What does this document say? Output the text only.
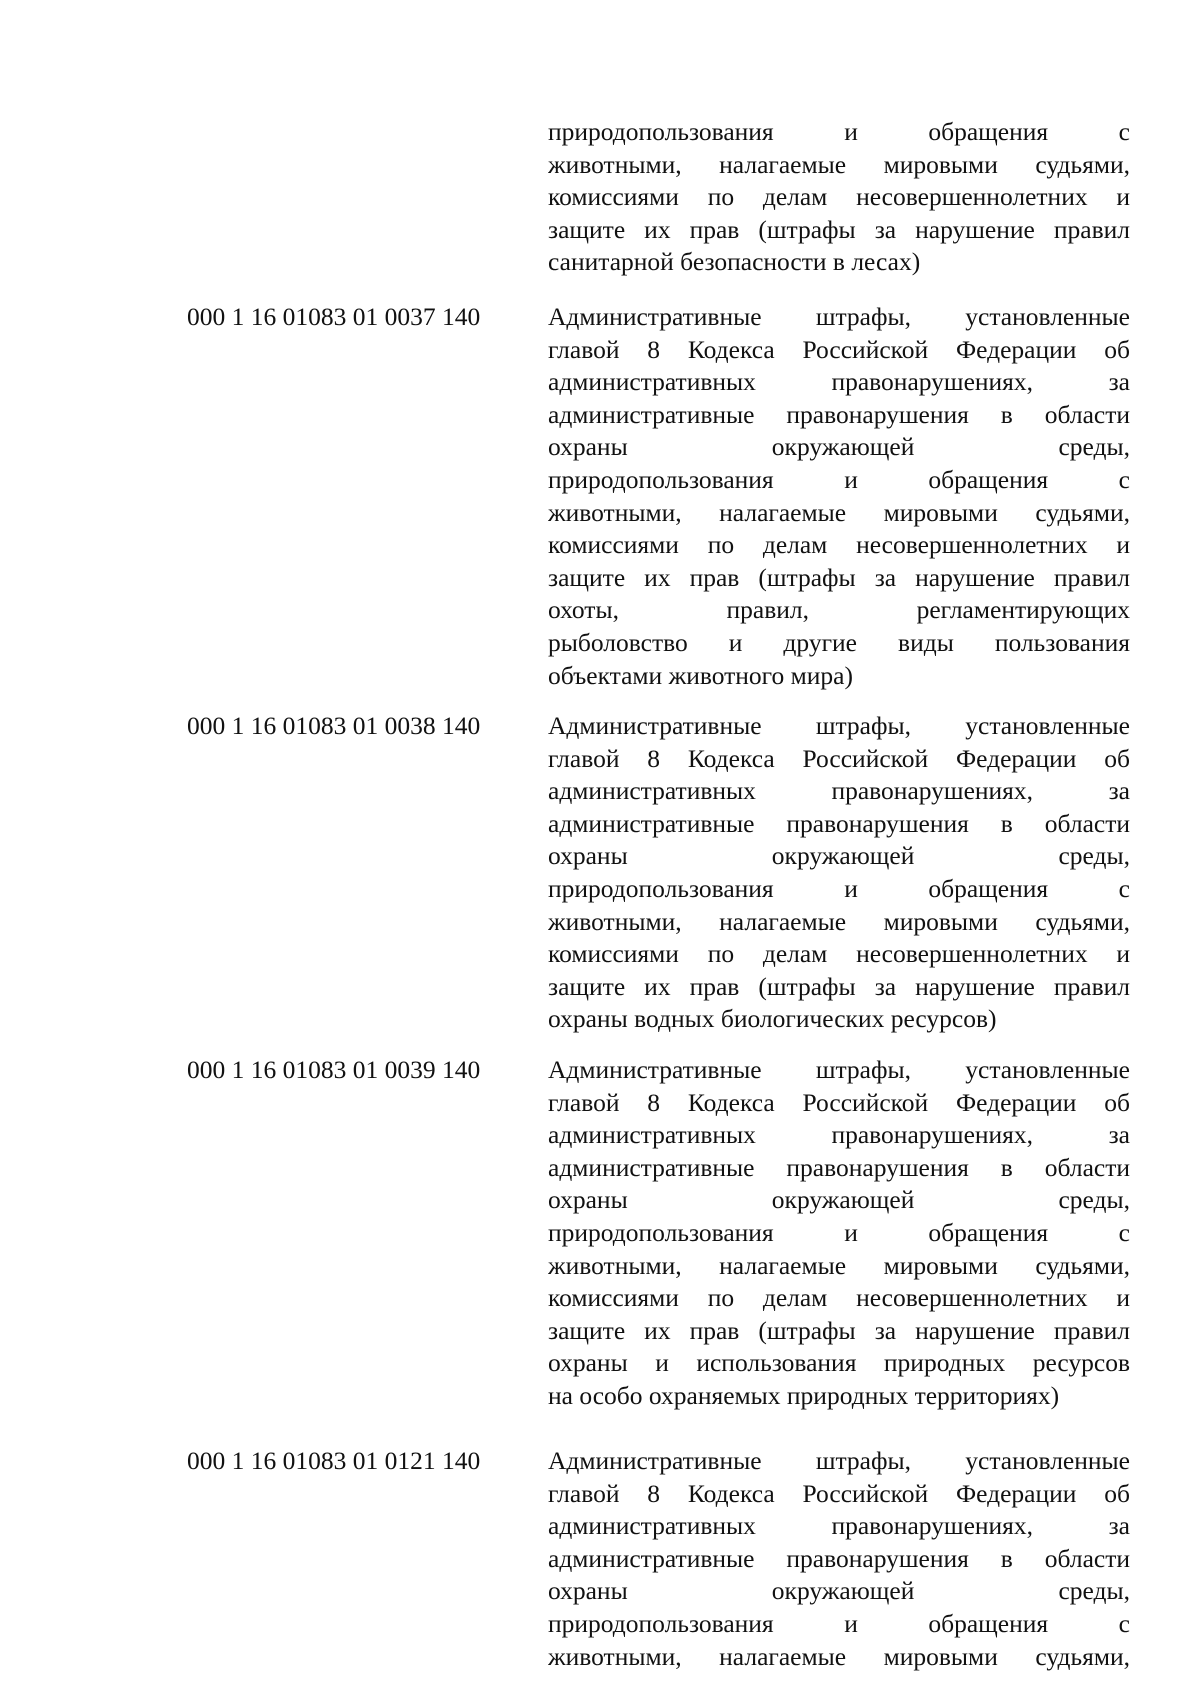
природопользования и обращения с
животными, налагаемые мировыми судьями,
комиссиями по делам несовершеннолетних и
защите их прав (штрафы за нарушение правил
санитарной безопасности в лесах)
000 1 16 01083 01 0037 140	Административные штрафы, установленные
главой 8 Кодекса Российской Федерации об
административных правонарушениях, за
административные правонарушения в области
охраны окружающей среды,
природопользования и обращения с
животными, налагаемые мировыми судьями,
комиссиями по делам несовершеннолетних и
защите их прав (штрафы за нарушение правил
охоты, правил, регламентирующих
рыболовство и другие виды пользования
объектами животного мира)
000 1 16 01083 01 0038 140	Административные штрафы, установленные
главой 8 Кодекса Российской Федерации об
административных правонарушениях, за
административные правонарушения в области
охраны окружающей среды,
природопользования и обращения с
животными, налагаемые мировыми судьями,
комиссиями по делам несовершеннолетних и
защите их прав (штрафы за нарушение правил
охраны водных биологических ресурсов)
000 1 16 01083 01 0039 140	Административные штрафы, установленные
главой 8 Кодекса Российской Федерации об
административных правонарушениях, за
административные правонарушения в области
охраны окружающей среды,
природопользования и обращения с
животными, налагаемые мировыми судьями,
комиссиями по делам несовершеннолетних и
защите их прав (штрафы за нарушение правил
охраны и использования природных ресурсов
на особо охраняемых природных территориях)
000 1 16 01083 01 0121 140	Административные штрафы, установленные
главой 8 Кодекса Российской Федерации об
административных правонарушениях, за
административные правонарушения в области
охраны окружающей среды,
природопользования и обращения с
животными, налагаемые мировыми судьями,
